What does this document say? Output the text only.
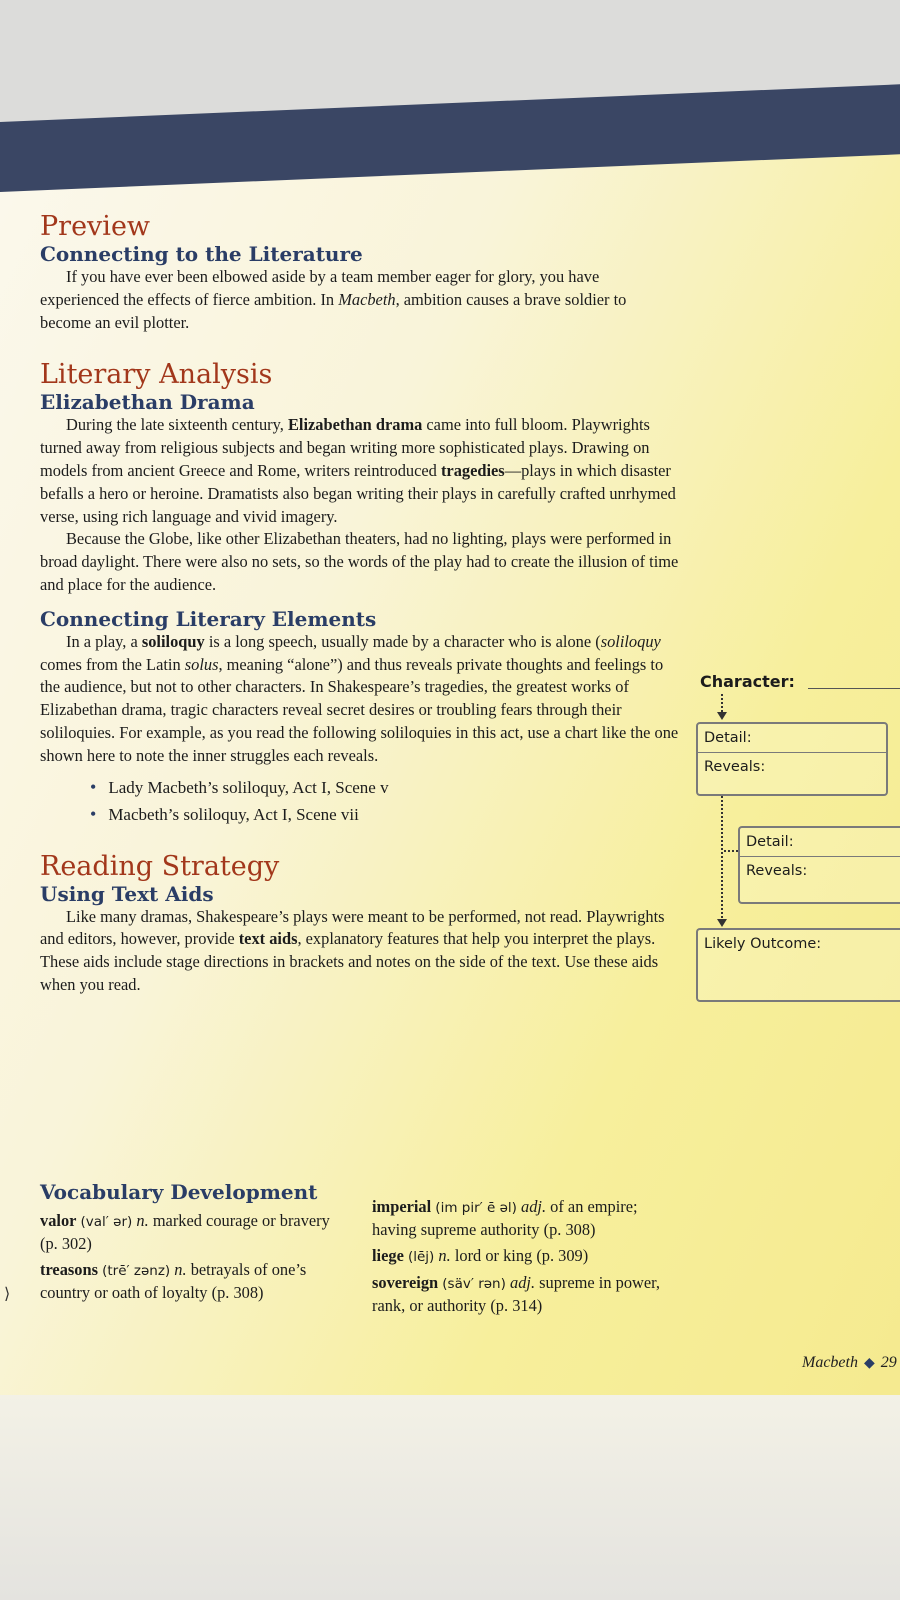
Preview
Connecting to the Literature

If you have ever been elbowed aside by a team member eager for glory, you have experienced the effects of fierce ambition. In Macbeth, ambition causes a brave soldier to become an evil plotter.

Literary Analysis
Elizabethan Drama

During the late sixteenth century, Elizabethan drama came into full bloom. Playwrights turned away from religious subjects and began writing more sophisticated plays. Drawing on models from ancient Greece and Rome, writers reintroduced tragedies—plays in which disaster befalls a hero or heroine. Dramatists also began writing their plays in carefully crafted unrhymed verse, using rich language and vivid imagery.

Because the Globe, like other Elizabethan theaters, had no lighting, plays were performed in broad daylight. There were also no sets, so the words of the play had to create the illusion of time and place for the audience.

Connecting Literary Elements

In a play, a soliloquy is a long speech, usually made by a character who is alone (soliloquy comes from the Latin solus, meaning “alone”) and thus reveals private thoughts and feelings to the audience, but not to other characters. In Shakespeare’s tragedies, the greatest works of Elizabethan drama, tragic characters reveal secret desires or troubling fears through their soliloquies. For example, as you read the following soliloquies in this act, use a chart like the one shown here to note the inner struggles each reveals.

• Lady Macbeth’s soliloquy, Act I, Scene v
• Macbeth’s soliloquy, Act I, Scene vii
Reading Strategy
Using Text Aids

Like many dramas, Shakespeare’s plays were meant to be performed, not read. Playwrights and editors, however, provide text aids, explanatory features that help you interpret the plays. These aids include stage directions in brackets and notes on the side of the text. Use these aids when you read.

Vocabulary Development
valor (val′ ər) n. marked courage or bravery (p. 302)
treasons (trē′ zənz) n. betrayals of one’s country or oath of loyalty (p. 308)
imperial (im pir′ ē əl) adj. of an empire; having supreme authority (p. 308)
liege (lēj) n. lord or king (p. 309)
sovereign (säv′ rən) adj. supreme in power, rank, or authority (p. 314)
Character:
Detail:
Reveals:
Detail:
Reveals:
Likely Outcome:
Macbeth ◆ 29
⟩
